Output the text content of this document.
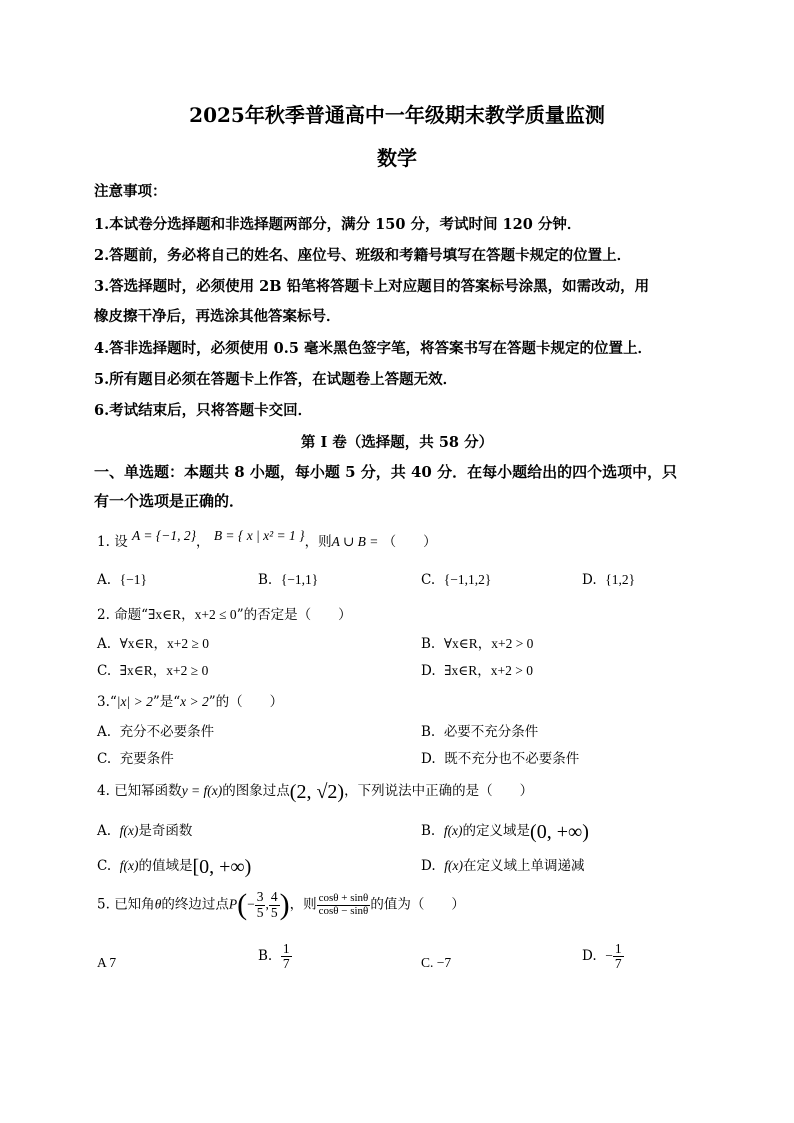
2025年秋季普通高中一年级期末教学质量监测
数学
注意事项：
1.本试卷分选择题和非选择题两部分，满分 150 分，考试时间 120 分钟．
2.答题前，务必将自己的姓名、座位号、班级和考籍号填写在答题卡规定的位置上．
3.答选择题时，必须使用 2B 铅笔将答题卡上对应题目的答案标号涂黑，如需改动，用
橡皮擦干净后，再选涂其他答案标号．
4.答非选择题时，必须使用 0.5 毫米黑色签字笔，将答案书写在答题卡规定的位置上．
5.所有题目必须在答题卡上作答，在试题卷上答题无效．
6.考试结束后，只将答题卡交回．
第 I 卷（选择题，共 58 分）
一、单选题：本题共 8 小题，每小题 5 分，共 40 分．在每小题给出的四个选项中，只
有一个选项是正确的．
1. 设 A = {−1, 2}， B = { x | x² = 1 }，则A ∪ B = （　　）
A. {−1}	B. {−1,1}	C. {−1,1,2}	D. {1,2}
2. 命题“∃x∈R，x+2 ≤ 0”的否定是（　　）
A. ∀x∈R，x+2 ≥ 0	B. ∀x∈R，x+2 > 0
C. ∃x∈R，x+2 ≥ 0	D. ∃x∈R，x+2 > 0
3.“|x| > 2”是“x > 2”的（　　）
A. 充分不必要条件	B. 必要不充分条件
C. 充要条件	D. 既不充分也不必要条件
4. 已知幂函数y = f(x)的图象过点(2, √2)，下列说法中正确的是（　　）
A. f(x)是奇函数	B. f(x)的定义域是(0, +∞)
C. f(x)的值域是[0, +∞)	D. f(x)在定义域上单调递减
5. 已知角θ的终边过点$P(- \frac{3}{5}$ , $\frac{4}{5}$ )，则 $\frac{\cos\theta + \sin\theta}{\cos\theta - \sin\theta}$ 的值为（　　）
A 7	B. $\frac{1}{7}$	C. −7	D. − $\frac{1}{7}$
